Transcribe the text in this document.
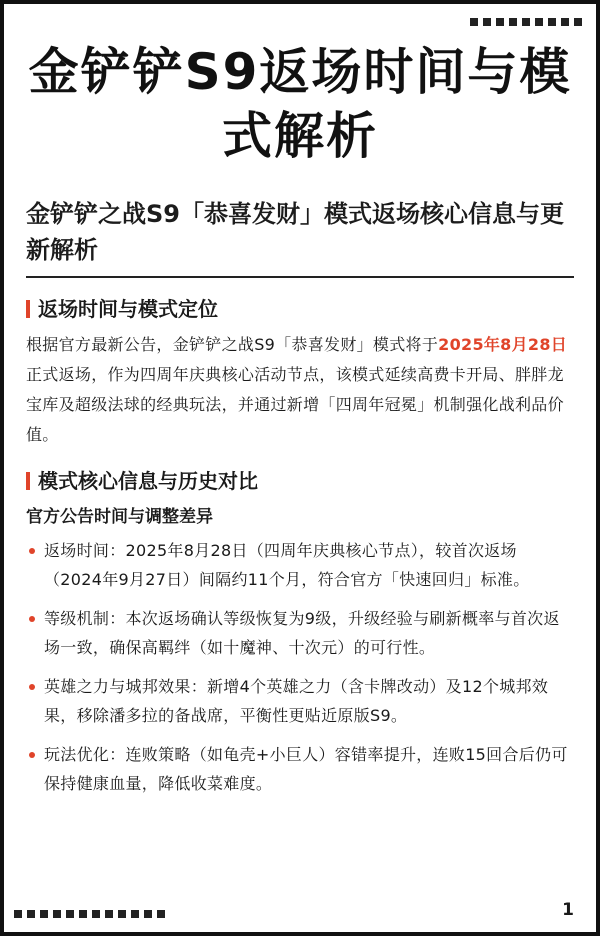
金铲铲S9返场时间与模式解析
金铲铲之战S9「恭喜发财」模式返场核心信息与更新解析
返场时间与模式定位
根据官方最新公告，金铲铲之战S9「恭喜发财」模式将于2025年8月28日 正式返场，作为四周年庆典核心活动节点，该模式延续高费卡开局、胖胖龙宝库及超级法球的经典玩法，并通过新增「四周年冠冕」机制强化战利品价值。
模式核心信息与历史对比
官方公告时间与调整差异
返场时间：2025年8月28日（四周年庆典核心节点），较首次返场（2024年9月27日）间隔约11个月，符合官方「快速回归」标准。
等级机制：本次返场确认等级恢复为9级，升级经验与刷新概率与首次返场一致，确保高羁绊（如十魔神、十次元）的可行性。
英雄之力与城邦效果：新增4个英雄之力（含卡牌改动）及12个城邦效果，移除潘多拉的备战席，平衡性更贴近原版S9。
玩法优化：连败策略（如龟壳+小巨人）容错率提升，连败15回合后仍可保持健康血量，降低收菜难度。
1
